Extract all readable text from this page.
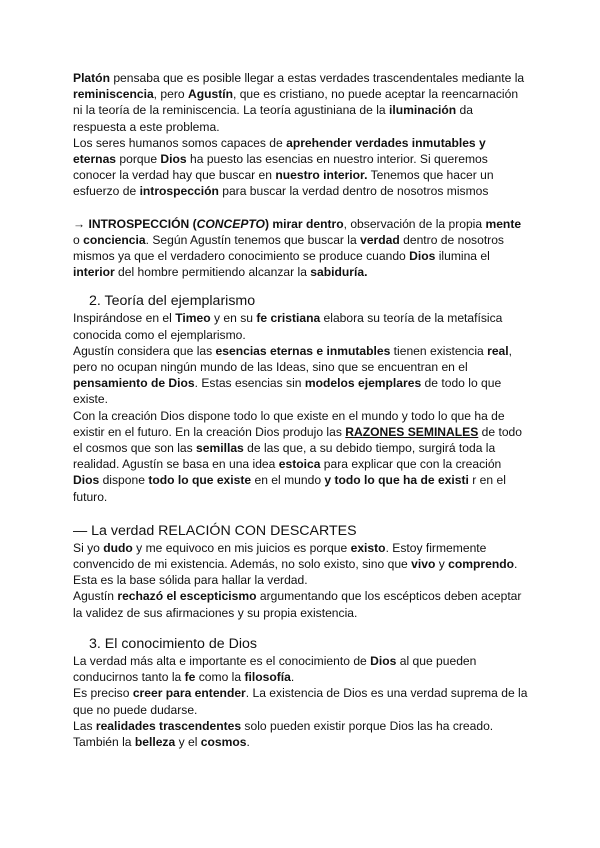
Platón pensaba que es posible llegar a estas verdades trascendentales mediante la reminiscencia, pero Agustín, que es cristiano, no puede aceptar la reencarnación ni la teoría de la reminiscencia. La teoría agustiniana de la iluminación da respuesta a este problema.

Los seres humanos somos capaces de aprehender verdades inmutables y eternas porque Dios ha puesto las esencias en nuestro interior. Si queremos conocer la verdad hay que buscar en nuestro interior. Tenemos que hacer un esfuerzo de introspección para buscar la verdad dentro de nosotros mismos

→ INTROSPECCIÓN (CONCEPTO) mirar dentro, observación de la propia mente o conciencia. Según Agustín tenemos que buscar la verdad dentro de nosotros mismos ya que el verdadero conocimiento se produce cuando Dios ilumina el interior del hombre permitiendo alcanzar la sabiduría.

2. Teoría del ejemplarismo

Inspirándose en el Timeo y en su fe cristiana elabora su teoría de la metafísica conocida como el ejemplarismo.

Agustín considera que las esencias eternas e inmutables tienen existencia real, pero no ocupan ningún mundo de las Ideas, sino que se encuentran en el pensamiento de Dios. Estas esencias sin modelos ejemplares de todo lo que existe.

Con la creación Dios dispone todo lo que existe en el mundo y todo lo que ha de existir en el futuro. En la creación Dios produjo las RAZONES SEMINALES de todo el cosmos que son las semillas de las que, a su debido tiempo, surgirá toda la realidad. Agustín se basa en una idea estoica para explicar que con la creación Dios dispone todo lo que existe en el mundo y todo lo que ha de existi r en el futuro.

— La verdad RELACIÓN CON DESCARTES

Si yo dudo y me equivoco en mis juicios es porque existo. Estoy firmemente convencido de mi existencia. Además, no solo existo, sino que vivo y comprendo. Esta es la base sólida para hallar la verdad.

Agustín rechazó el escepticismo argumentando que los escépticos deben aceptar la validez de sus afirmaciones y su propia existencia.

3. El conocimiento de Dios

La verdad más alta e importante es el conocimiento de Dios al que pueden conducirnos tanto la fe como la filosofía.

Es preciso creer para entender. La existencia de Dios es una verdad suprema de la que no puede dudarse.

Las realidades trascendentes solo pueden existir porque Dios las ha creado. También la belleza y el cosmos.
